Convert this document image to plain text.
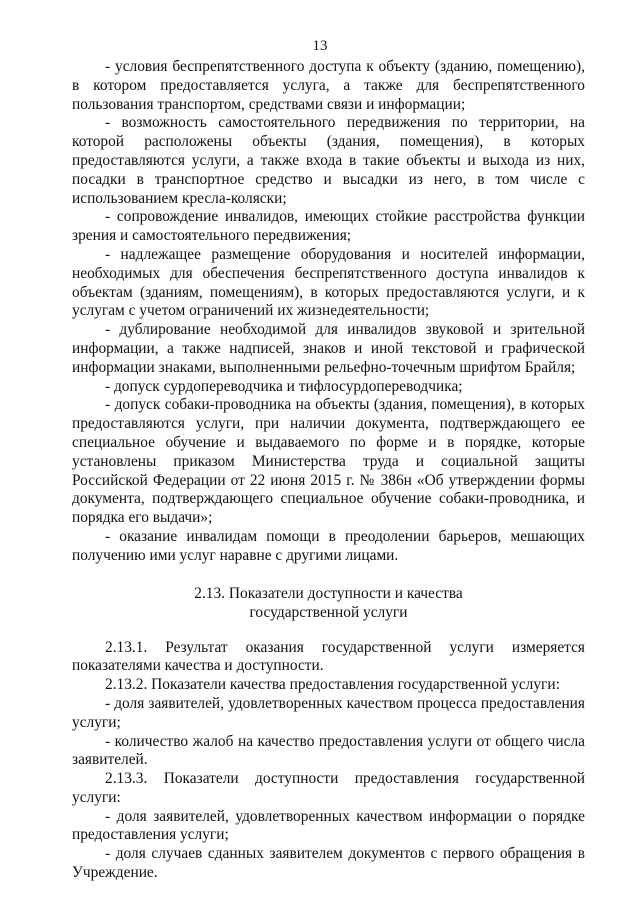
13

- условия беспрепятственного доступа к объекту (зданию, помещению), в котором предоставляется услуга, а также для беспрепятственного пользования транспортом, средствами связи и информации;

- возможность самостоятельного передвижения по территории, на которой расположены объекты (здания, помещения), в которых предоставляются услуги, а также входа в такие объекты и выхода из них, посадки в транспортное средство и высадки из него, в том числе с использованием кресла-коляски;

- сопровождение инвалидов, имеющих стойкие расстройства функции зрения и самостоятельного передвижения;

- надлежащее размещение оборудования и носителей информации, необходимых для обеспечения беспрепятственного доступа инвалидов к объектам (зданиям, помещениям), в которых предоставляются услуги, и к услугам с учетом ограничений их жизнедеятельности;

- дублирование необходимой для инвалидов звуковой и зрительной информации, а также надписей, знаков и иной текстовой и графической информации знаками, выполненными рельефно-точечным шрифтом Брайля;

- допуск сурдопереводчика и тифлосурдопереводчика;

- допуск собаки-проводника на объекты (здания, помещения), в которых предоставляются услуги, при наличии документа, подтверждающего ее специальное обучение и выдаваемого по форме и в порядке, которые установлены приказом Министерства труда и социальной защиты Российской Федерации от 22 июня 2015 г. № 386н «Об утверждении формы документа, подтверждающего специальное обучение собаки-проводника, и порядка его выдачи»;

- оказание инвалидам помощи в преодолении барьеров, мешающих получению ими услуг наравне с другими лицами.

2.13. Показатели доступности и качества
государственной услуги

2.13.1. Результат оказания государственной услуги измеряется показателями качества и доступности.

2.13.2. Показатели качества предоставления государственной услуги:

- доля заявителей, удовлетворенных качеством процесса предоставления услуги;

- количество жалоб на качество предоставления услуги от общего числа заявителей.

2.13.3. Показатели доступности предоставления государственной услуги:

- доля заявителей, удовлетворенных качеством информации о порядке предоставления услуги;

- доля случаев сданных заявителем документов с первого обращения в Учреждение.
